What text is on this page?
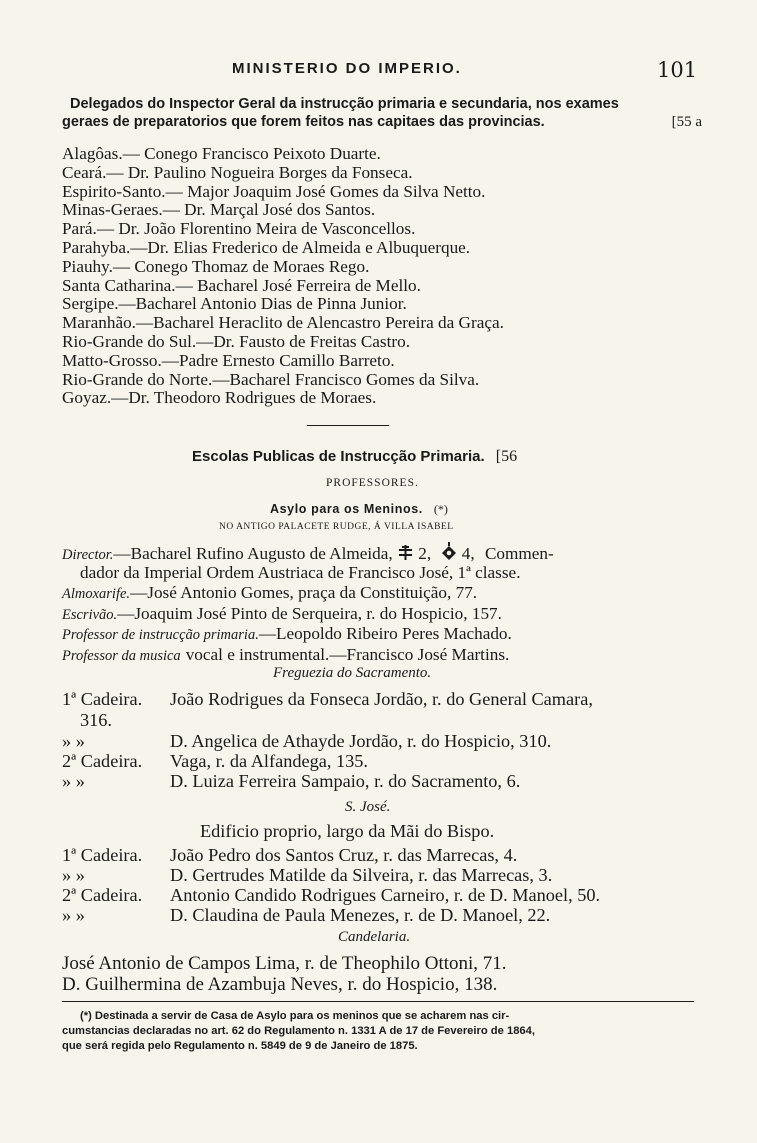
MINISTERIO DO IMPERIO.	101
Delegados do Inspector Geral da instrucção primaria e secundaria, nos exames
geraes de preparatorios que forem feitos nas capitaes das provincias.	[55 a
Alagôas.— Conego Francisco Peixoto Duarte.
Ceará.— Dr. Paulino Nogueira Borges da Fonseca.
Espirito-Santo.— Major Joaquim José Gomes da Silva Netto.
Minas-Geraes.— Dr. Marçal José dos Santos.
Pará.— Dr. João Florentino Meira de Vasconcellos.
Parahyba.—Dr. Elias Frederico de Almeida e Albuquerque.
Piauhy.— Conego Thomaz de Moraes Rego.
Santa Catharina.— Bacharel José Ferreira de Mello.
Sergipe.—Bacharel Antonio Dias de Pinna Junior.
Maranhão.—Bacharel Heraclito de Alencastro Pereira da Graça.
Rio-Grande do Sul.—Dr. Fausto de Freitas Castro.
Matto-Grosso.—Padre Ernesto Camillo Barreto.
Rio-Grande do Norte.—Bacharel Francisco Gomes da Silva.
Goyaz.—Dr. Theodoro Rodrigues de Moraes.
Escolas Publicas de Instrucção Primaria. [56
PROFESSORES.
Asylo para os Meninos. (*)
NO ANTIGO PALACETE RUDGE, Á VILLA ISABEL
Director.—Bacharel Rufino Augusto de Almeida, 2, 4, Commen-
dador da Imperial Ordem Austriaca de Francisco José, 1ª classe.
Almoxarife.—José Antonio Gomes, praça da Constituição, 77.
Escrivão.—Joaquim José Pinto de Serqueira, r. do Hospicio, 157.
Professor de instrucção primaria.—Leopoldo Ribeiro Peres Machado.
Professor da musica vocal e instrumental.—Francisco José Martins.
Freguezia do Sacramento.
1ª Cadeira. João Rodrigues da Fonseca Jordão, r. do General Camara,
316.
» »	D. Angelica de Athayde Jordão, r. do Hospicio, 310.
2ª Cadeira. Vaga, r. da Alfandega, 135.
» »	D. Luiza Ferreira Sampaio, r. do Sacramento, 6.
S. José.
Edificio proprio, largo da Mãi do Bispo.
1ª Cadeira. João Pedro dos Santos Cruz, r. das Marrecas, 4.
» »	D. Gertrudes Matilde da Silveira, r. das Marrecas, 3.
2ª Cadeira. Antonio Candido Rodrigues Carneiro, r. de D. Manoel, 50.
» »	D. Claudina de Paula Menezes, r. de D. Manoel, 22.
Candelaria.
José Antonio de Campos Lima, r. de Theophilo Ottoni, 71.
D. Guilhermina de Azambuja Neves, r. do Hospicio, 138.
(*) Destinada a servir de Casa de Asylo para os meninos que se acharem nas cir-
cumstancias declaradas no art. 62 do Regulamento n. 1331 A de 17 de Fevereiro de 1864,
que será regida pelo Regulamento n. 5849 de 9 de Janeiro de 1875.
